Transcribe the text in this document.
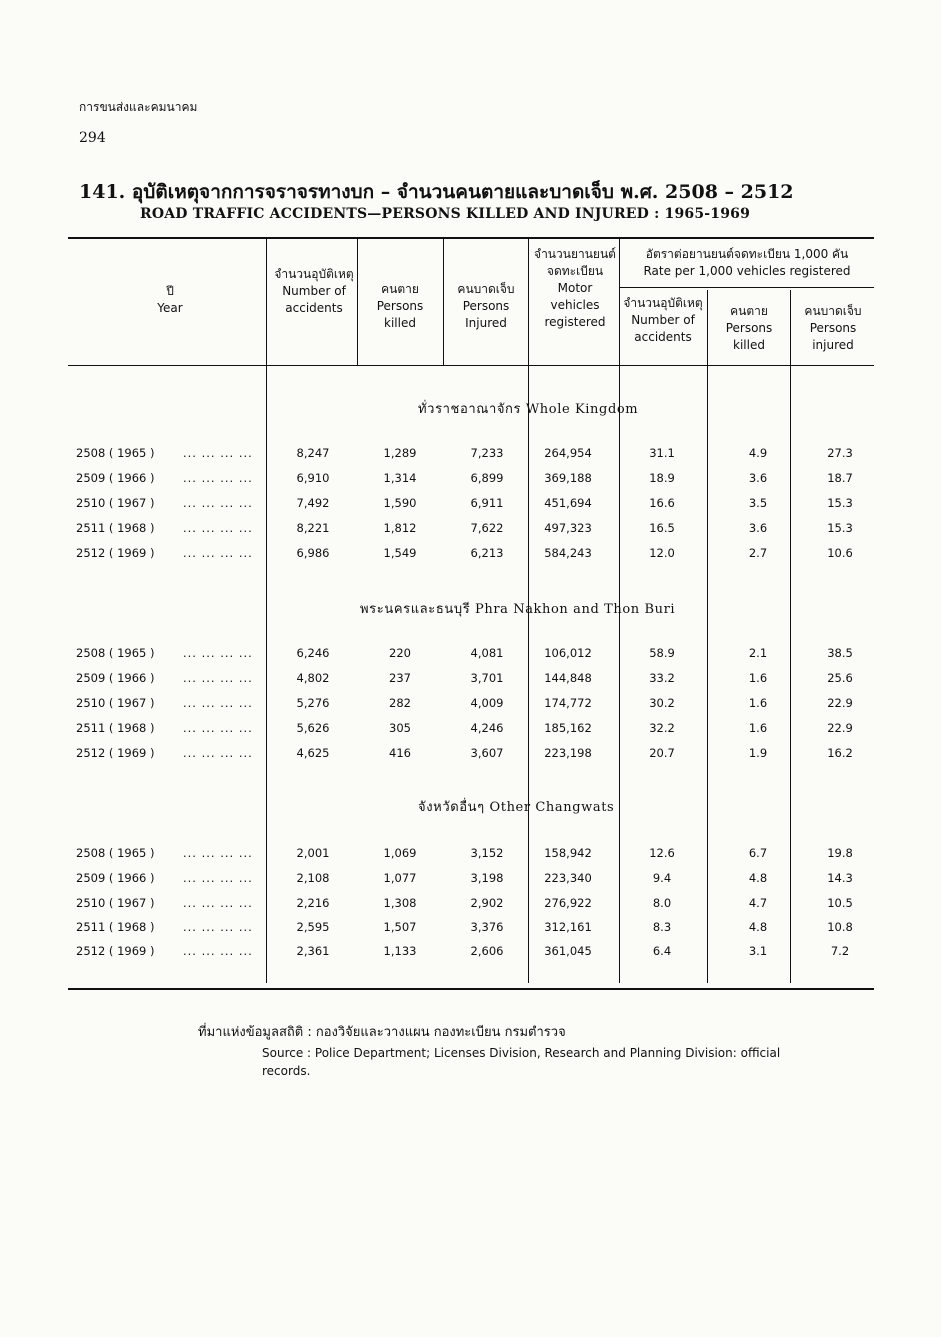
การขนส่งและคมนาคม
294
141. อุบัติเหตุจากการจราจรทางบก – จำนวนคนตายและบาดเจ็บ พ.ศ. 2508 – 2512
ROAD TRAFFIC ACCIDENTS—PERSONS KILLED AND INJURED : 1965-1969
ปี
Year
จำนวนอุบัติเหตุ
Number of accidents
คนตาย
Persons killed
คนบาดเจ็บ
Persons Injured
จำนวนยานยนต์จดทะเบียน
Motor vehicles registered
อัตราต่อยานยนต์จดทะเบียน 1,000 คัน
Rate per 1,000 vehicles registered
จำนวนอุบัติเหตุ
Number of accidents
คนตาย
Persons killed
คนบาดเจ็บ
Persons injured
ทั่วราชอาณาจักร Whole Kingdom
พระนครและธนบุรี Phra Nakhon and Thon Buri
จังหวัดอื่นๆ Other Changwats
2508 ( 1965 ) ... ... ... ...	8,247	1,289	7,233	264,954	31.1	4.9	27.3
2509 ( 1966 ) ... ... ... ...	6,910	1,314	6,899	369,188	18.9	3.6	18.7
2510 ( 1967 ) ... ... ... ...	7,492	1,590	6,911	451,694	16.6	3.5	15.3
2511 ( 1968 ) ... ... ... ...	8,221	1,812	7,622	497,323	16.5	3.6	15.3
2512 ( 1969 ) ... ... ... ...	6,986	1,549	6,213	584,243	12.0	2.7	10.6
2508 ( 1965 ) ... ... ... ...	6,246	220	4,081	106,012	58.9	2.1	38.5
2509 ( 1966 ) ... ... ... ...	4,802	237	3,701	144,848	33.2	1.6	25.6
2510 ( 1967 ) ... ... ... ...	5,276	282	4,009	174,772	30.2	1.6	22.9
2511 ( 1968 ) ... ... ... ...	5,626	305	4,246	185,162	32.2	1.6	22.9
2512 ( 1969 ) ... ... ... ...	4,625	416	3,607	223,198	20.7	1.9	16.2
2508 ( 1965 ) ... ... ... ...	2,001	1,069	3,152	158,942	12.6	6.7	19.8
2509 ( 1966 ) ... ... ... ...	2,108	1,077	3,198	223,340	9.4	4.8	14.3
2510 ( 1967 ) ... ... ... ...	2,216	1,308	2,902	276,922	8.0	4.7	10.5
2511 ( 1968 ) ... ... ... ...	2,595	1,507	3,376	312,161	8.3	4.8	10.8
2512 ( 1969 ) ... ... ... ...	2,361	1,133	2,606	361,045	6.4	3.1	7.2
ที่มาแห่งข้อมูลสถิติ : กองวิจัยและวางแผน กองทะเบียน กรมตำรวจ
Source : Police Department; Licenses Division, Research and Planning Division: official records.
